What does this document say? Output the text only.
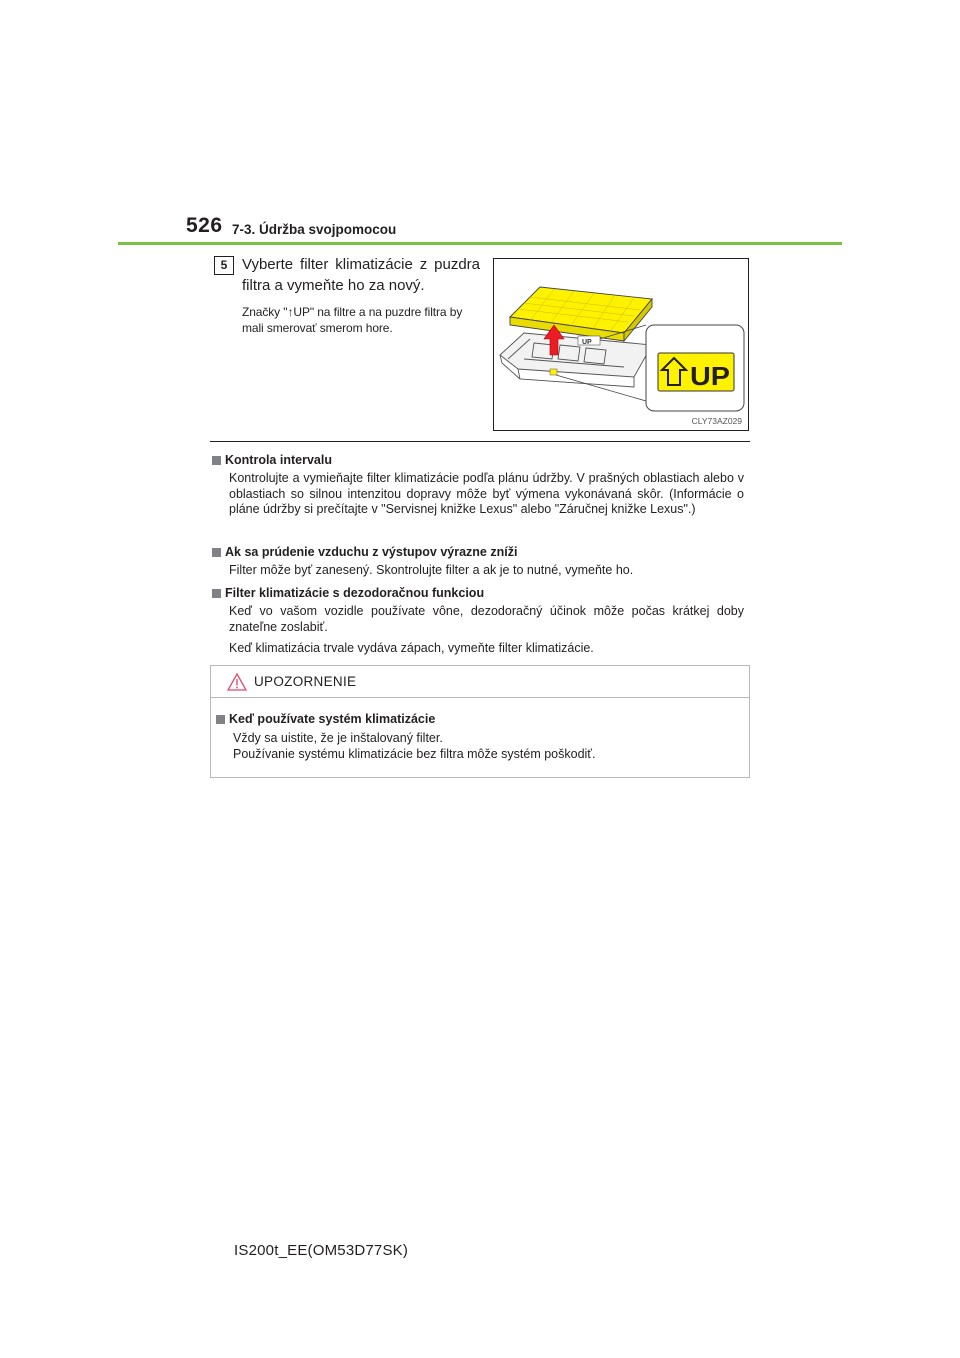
526 7-3. Údržba svojpomocou
5 Vyberte filter klimatizácie z puzdra filtra a vymeňte ho za nový.
Značky "↑UP" na filtre a na puzdre filtra by mali smerovať smerom hore.
UP
UP
CLY73AZ029
Kontrola intervalu

Kontrolujte a vymieňajte filter klimatizácie podľa plánu údržby. V prašných oblastiach alebo v oblastiach so silnou intenzitou dopravy môže byť výmena vykonávaná skôr. (Informácie o pláne údržby si prečítajte v "Servisnej knižke Lexus" alebo "Záručnej knižke Lexus".)

Ak sa prúdenie vzduchu z výstupov výrazne zníži

Filter môže byť zanesený. Skontrolujte filter a ak je to nutné, vymeňte ho.

Filter klimatizácie s dezodoračnou funkciou

Keď vo vašom vozidle používate vône, dezodoračný účinok môže počas krátkej doby znateľne zoslabiť.

Keď klimatizácia trvale vydáva zápach, vymeňte filter klimatizácie.

UPOZORNENIE
Keď používate systém klimatizácie
Vždy sa uistite, že je inštalovaný filter.
Používanie systému klimatizácie bez filtra môže systém poškodiť.
IS200t_EE(OM53D77SK)
